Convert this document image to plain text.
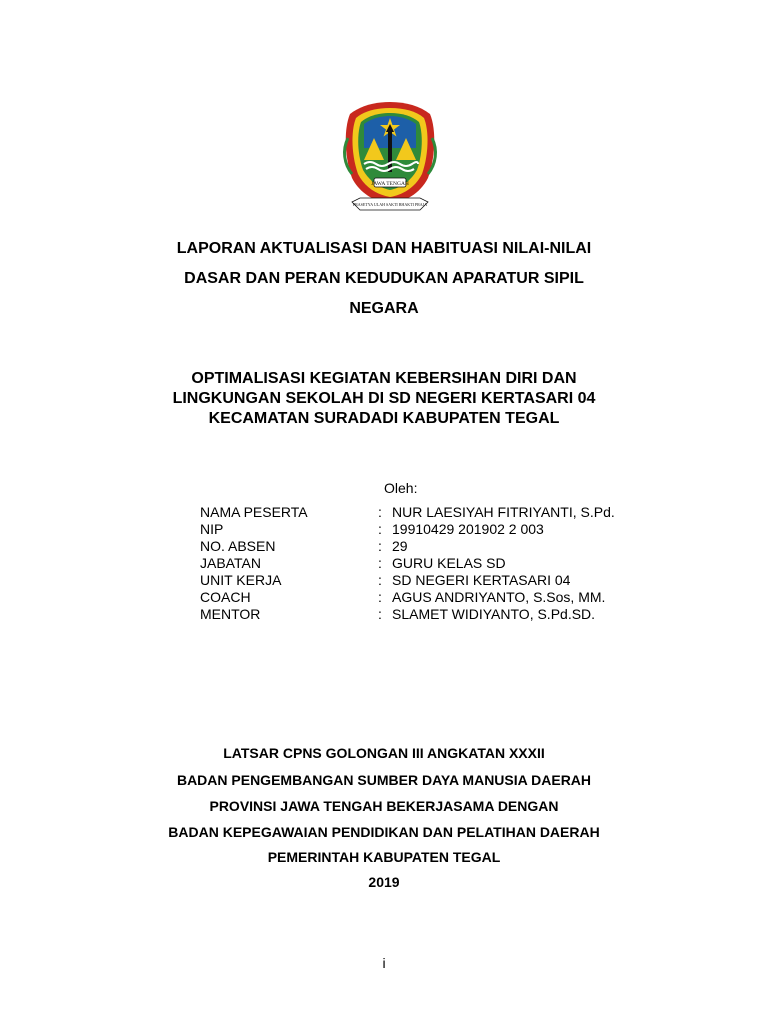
JAWA TENGAH
PRASETYA ULAH SAKTI BHAKTI PRAJA
LAPORAN AKTUALISASI DAN HABITUASI NILAI-NILAI
DASAR DAN PERAN KEDUDUKAN APARATUR SIPIL
NEGARA
OPTIMALISASI KEGIATAN KEBERSIHAN DIRI DAN
LINGKUNGAN SEKOLAH DI SD NEGERI KERTASARI 04
KECAMATAN SURADADI KABUPATEN TEGAL
Oleh:
NAMA PESERTA	: NUR LAESIYAH FITRIYANTI, S.Pd.
NIP	: 19910429 201902 2 003
NO. ABSEN	: 29
JABATAN	: GURU KELAS SD
UNIT KERJA	: SD NEGERI KERTASARI 04
COACH	: AGUS ANDRIYANTO, S.Sos, MM.
MENTOR	: SLAMET WIDIYANTO, S.Pd.SD.
LATSAR CPNS GOLONGAN III ANGKATAN XXXII
BADAN PENGEMBANGAN SUMBER DAYA MANUSIA DAERAH
PROVINSI JAWA TENGAH BEKERJASAMA DENGAN
BADAN KEPEGAWAIAN PENDIDIKAN DAN PELATIHAN DAERAH
PEMERINTAH KABUPATEN TEGAL
2019
i
